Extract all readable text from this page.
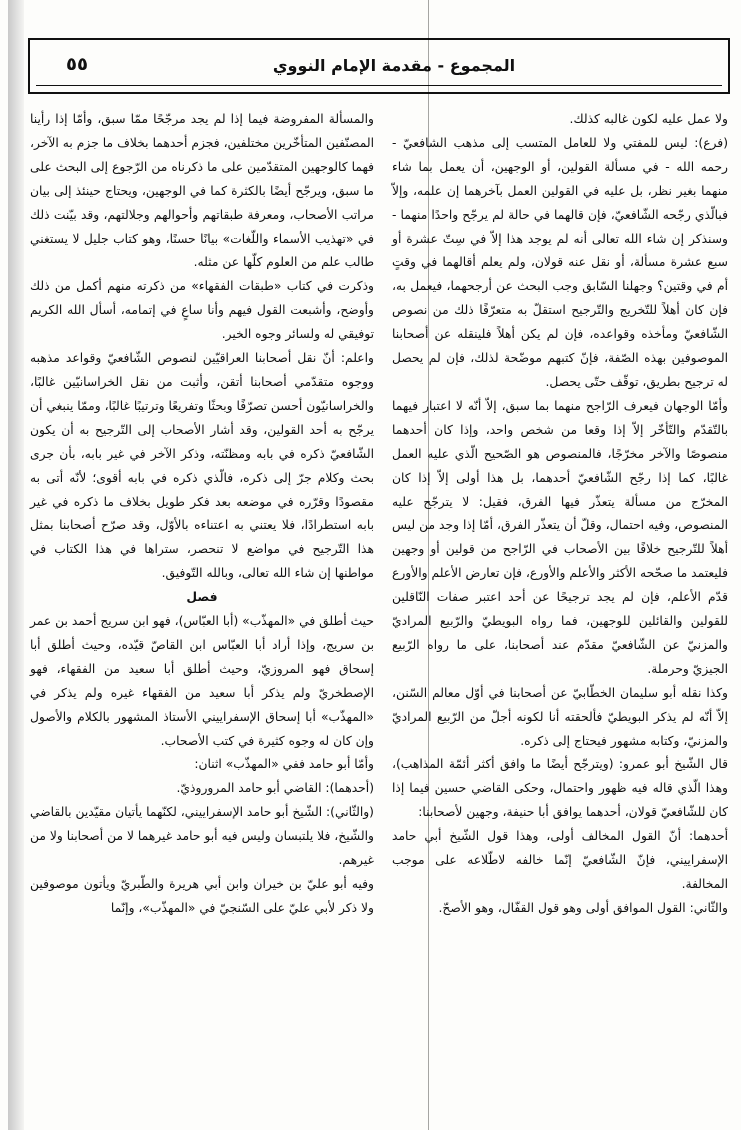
٥٥	المجموع - مقدمة الإمام النووي

ولا عمل عليه لكون غالبه كذلك.

(فرع): ليس للمفتي ولا للعامل المتسب إلى مذهب الشافعيّ - رحمه الله - في مسألة القولين، أو الوجهين، أن يعمل بما شاء منهما بغير نظر، بل عليه في القولين العمل بآخرهما إن علمه، وإلاّ فبالّذي رجّحه الشّافعيّ، فإن قالهما في حالة لم يرجّح واحدًا منهما - وسنذكر إن شاء الله تعالى أنه لم يوجد هذا إلاّ في سِتّ عشرة أو سبع عشرة مسألة، أو نقل عنه قولان، ولم يعلم أقالهما في وقتٍ أم في وقتين؟ وجهلنا السّابق وجب البحث عن أرجحهما، فيعمل به، فإن كان أهلاً للتّخريج والتّرجيح استقلّ به متعرّفًا ذلك من نصوص الشّافعيّ ومأخذه وقواعده، فإن لم يكن أهلاً فلينقله عن أصحابنا الموصوفين بهذه الصّفة، فإنّ كتبهم موضّحة لذلك، فإن لم يحصل له ترجيح بطريق، توقّف حتّى يحصل.

وأمّا الوجهان فيعرف الرّاجح منهما بما سبق، إلاّ أنّه لا اعتبار فيهما بالتّقدّم والتّأخّر إلاّ إذا وقعا من شخص واحد، وإذا كان أحدهما منصوصًا والآخر مخرّجًا، فالمنصوص هو الصّحيح الّذي عليه العمل غالبًا، كما إذا رجّح الشّافعيّ أحدهما، بل هذا أولى إلاّ إذا كان المخرّج من مسألة يتعذّر فيها الفرق، فقيل: لا يترجّح عليه المنصوص، وفيه احتمال، وقلّ أن يتعذّر الفرق، أمّا إذا وجد من ليس أهلاً للتّرجيح خلافًا بين الأصحاب في الرّاجح من قولين أو وجهين فليعتمد ما صحّحه الأكثر والأعلم والأورع، فإن تعارض الأعلم والأورع قدّم الأعلم، فإن لم يجد ترجيحًا عن أحد اعتبر صفات النّاقلين للقولين والقائلين للوجهين، فما رواه البويطيّ والرّبيع المراديّ والمزنيّ عن الشّافعيّ مقدّم عند أصحابنا، على ما رواه الرّبيع الجيزيّ وحرملة.

وكذا نقله أبو سليمان الخطّابيّ عن أصحابنا في أوّل معالم السّنن، إلاّ أنّه لم يذكر البويطيّ فألحقته أنا لكونه أجلّ من الرّبيع المراديّ والمزنيّ، وكتابه مشهور فيحتاج إلى ذكره.

قال الشّيخ أبو عمرو: (ويترجّح أيضًا ما وافق أكثر أئمّة المذاهب)، وهذا الّذي قاله فيه ظهور واحتمال، وحكى القاضي حسين فيما إذا كان للشّافعيّ قولان، أحدهما يوافق أبا حنيفة، وجهين لأصحابنا:

أحدهما: أنّ القول المخالف أولى، وهذا قول الشّيخ أبي حامد الإسفراييني، فإنّ الشّافعيّ إنّما خالفه لاطّلاعه على موجب المخالفة.

والثّاني: القول الموافق أولى وهو قول القفّال، وهو الأصحّ.

والمسألة المفروضة فيما إذا لم يجد مرجّحًا ممّا سبق، وأمّا إذا رأينا المصنّفين المتأخّرين مختلفين، فجزم أحدهما بخلاف ما جزم به الآخر، فهما كالوجهين المتقدّمين على ما ذكرناه من الرّجوع إلى البحث على ما سبق، ويرجّح أيضًا بالكثرة كما في الوجهين، ويحتاج حينئذ إلى بيان مراتب الأصحاب، ومعرفة طبقاتهم وأحوالهم وجلالتهم، وقد بيّنت ذلك في «تهذيب الأسماء واللّغات» بيانًا حسنًا، وهو كتاب جليل لا يستغني طالب علم من العلوم كلّها عن مثله.

وذكرت في كتاب «طبقات الفقهاء» من ذكرته منهم أكمل من ذلك وأوضح، وأشبعت القول فيهم وأنا ساعٍ في إتمامه، أسأل الله الكريم توفيقي له ولسائر وجوه الخير.

واعلم: أنّ نقل أصحابنا العراقيّين لنصوص الشّافعيّ وقواعد مذهبه ووجوه متقدّمي أصحابنا أتقن، وأثبت من نقل الخراسانيّين غالبًا، والخراسانيّون أحسن تصرّفًا وبحثًا وتفريعًا وترتيبًا غالبًا، وممّا ينبغي أن يرجّح به أحد القولين، وقد أشار الأصحاب إلى التّرجيح به أن يكون الشّافعيّ ذكره في بابه ومظنّته، وذكر الآخر في غير بابه، بأن جرى بحث وكلام جرّ إلى ذكره، فالّذي ذكره في بابه أقوى؛ لأنّه أتى به مقصودًا وقرّره في موضعه بعد فكر طويل بخلاف ما ذكره في غير بابه استطرادًا، فلا يعتني به اعتناءه بالأوّل، وقد صرّح أصحابنا بمثل هذا التّرجيح في مواضع لا تنحصر، ستراها في هذا الكتاب في مواطنها إن شاء الله تعالى، وبالله التّوفيق.

فصل

حيث أطلق في «المهذّب» (أبا العبّاس)، فهو ابن سريج أحمد بن عمر بن سريج، وإذا أراد أبا العبّاس ابن القاصّ قيّده، وحيث أطلق أبا إسحاق فهو المروزيّ، وحيث أطلق أبا سعيد من الفقهاء، فهو الإصطخريّ ولم يذكر أبا سعيد من الفقهاء غيره ولم يذكر في «المهذّب» أبا إسحاق الإسفراييني الأستاذ المشهور بالكلام والأصول وإن كان له وجوه كثيرة في كتب الأصحاب.

وأمّا أبو حامد ففي «المهذّب» اثنان:

(أحدهما): القاضي أبو حامد المروروذيّ.

(والثّاني): الشّيخ أبو حامد الإسفراييني، لكنّهما يأتيان مقيّدين بالقاضي والشّيخ، فلا يلتبسان وليس فيه أبو حامد غيرهما لا من أصحابنا ولا من غيرهم.

وفيه أبو عليّ بن خيران وابن أبي هريرة والطّبريّ ويأتون موصوفين ولا ذكر لأبي عليّ على السّنجيّ في «المهذّب»، وإنّما
